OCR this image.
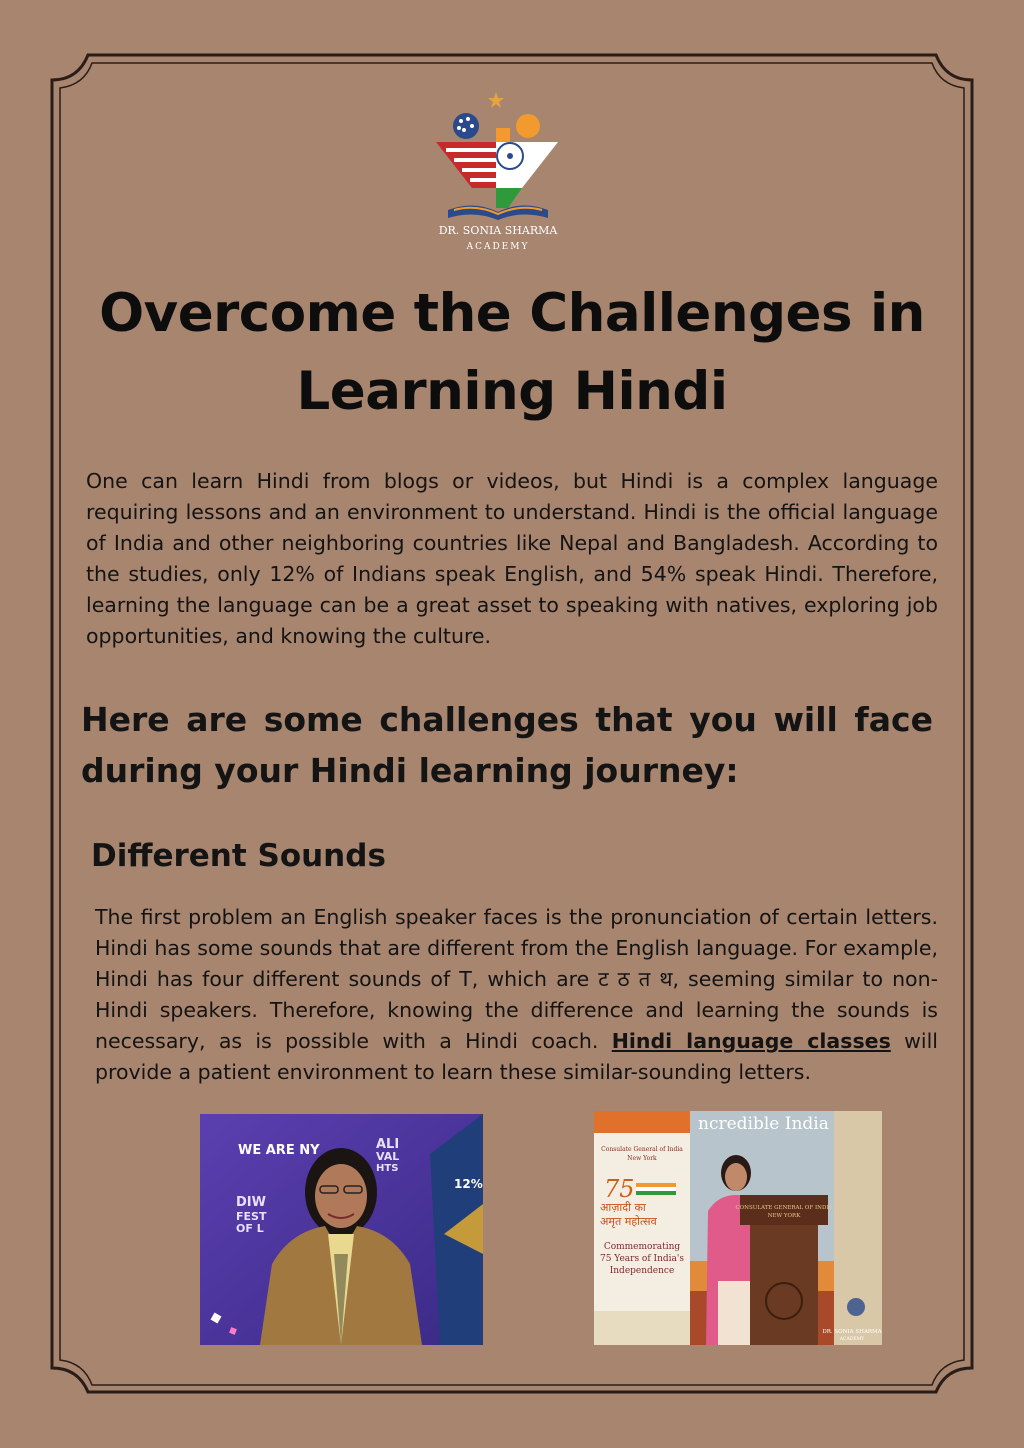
DR. SONIA SHARMA
ACADEMY
Overcome the Challenges in Learning Hindi
One can learn Hindi from blogs or videos, but Hindi is a complex language requiring lessons and an environment to understand. Hindi is the official language of India and other neighboring countries like Nepal and Bangladesh. According to the studies, only 12% of Indians speak English, and 54% speak Hindi. Therefore, learning the language can be a great asset to speaking with natives, exploring job opportunities, and knowing the culture.
Here are some challenges that you will face during your Hindi learning journey:
Different Sounds
The first problem an English speaker faces is the pronunciation of certain letters. Hindi has some sounds that are different from the English language. For example, Hindi has four different sounds of T, which are ट ठ त थ, seeming similar to non-Hindi speakers. Therefore, knowing the difference and learning the sounds is necessary, as is possible with a Hindi coach. Hindi language classes will provide a patient environment to learn these similar-sounding letters.
WE ARE NY
DIW
FEST
OF L
ALI
VAL
HTS
12%
Consulate General of India
New York
75
आज़ादी का
अमृत महोत्सव
Commemorating
75 Years of India's
Independence
ncredible India
CONSULATE GENERAL OF INDIA
NEW YORK
DR. SONIA SHARMA
ACADEMY
